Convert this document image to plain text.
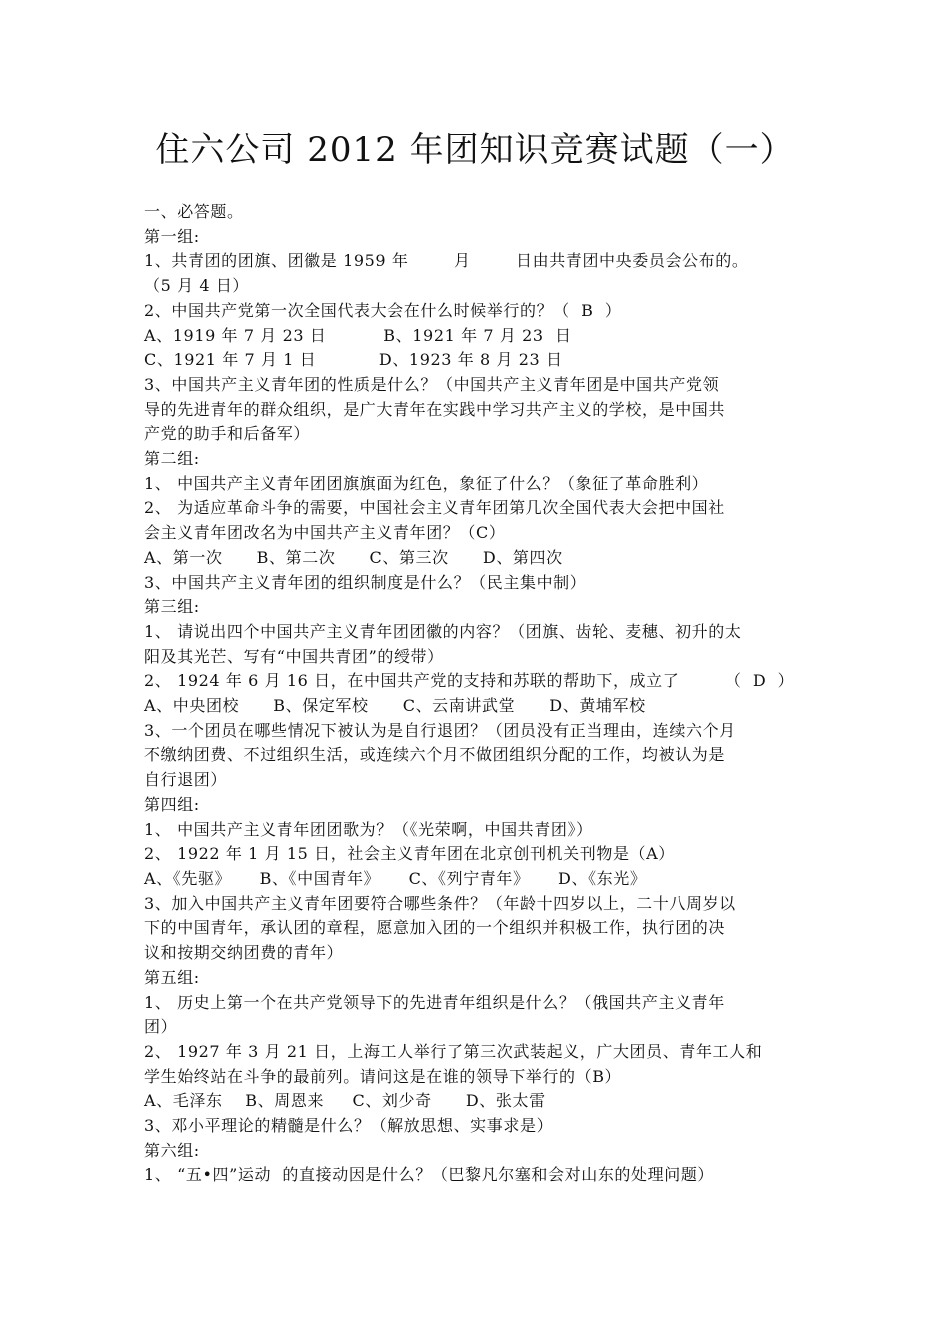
住六公司 2012 年团知识竞赛试题（一）
一、必答题。
第一组:
1、共青团的团旗、团徽是 1959 年        月        日由共青团中央委员会公布的。
（5 月 4 日）
2、中国共产党第一次全国代表大会在什么时候举行的？（  B  ）
A、1919 年 7 月 23 日          B、1921 年 7 月 23  日
C、1921 年 7 月 1 日           D、1923 年 8 月 23 日
3、中国共产主义青年团的性质是什么？（中国共产主义青年团是中国共产党领
导的先进青年的群众组织，是广大青年在实践中学习共产主义的学校，是中国共
产党的助手和后备军）
第二组:
1、 中国共产主义青年团团旗旗面为红色，象征了什么？（象征了革命胜利）
2、 为适应革命斗争的需要，中国社会主义青年团第几次全国代表大会把中国社
会主义青年团改名为中国共产主义青年团？（C）
A、第一次      B、第二次      C、第三次      D、第四次
3、中国共产主义青年团的组织制度是什么？（民主集中制）
第三组:
1、 请说出四个中国共产主义青年团团徽的内容？（团旗、齿轮、麦穗、初升的太
阳及其光芒、写有“中国共青团”的绶带）
2、 1924 年 6 月 16 日，在中国共产党的支持和苏联的帮助下，成立了        （  D  ）
A、中央团校      B、保定军校      C、云南讲武堂      D、黄埔军校
3、一个团员在哪些情况下被认为是自行退团？（团员没有正当理由，连续六个月
不缴纳团费、不过组织生活，或连续六个月不做团组织分配的工作，均被认为是
自行退团）
第四组:
1、 中国共产主义青年团团歌为？（《光荣啊，中国共青团》）
2、 1922 年 1 月 15 日，社会主义青年团在北京创刊机关刊物是（A）
A、《先驱》     B、《中国青年》     C、《列宁青年》     D、《东光》
3、加入中国共产主义青年团要符合哪些条件？（年龄十四岁以上，二十八周岁以
下的中国青年，承认团的章程，愿意加入团的一个组织并积极工作，执行团的决
议和按期交纳团费的青年）
第五组:
1、 历史上第一个在共产党领导下的先进青年组织是什么？（俄国共产主义青年
团）
2、 1927 年 3 月 21 日，上海工人举行了第三次武装起义，广大团员、青年工人和
学生始终站在斗争的最前列。请问这是在谁的领导下举行的（B）
A、毛泽东    B、周恩来     C、刘少奇      D、张太雷
3、邓小平理论的精髓是什么？（解放思想、实事求是）
第六组:
1、 “五•四”运动  的直接动因是什么？（巴黎凡尔塞和会对山东的处理问题）
